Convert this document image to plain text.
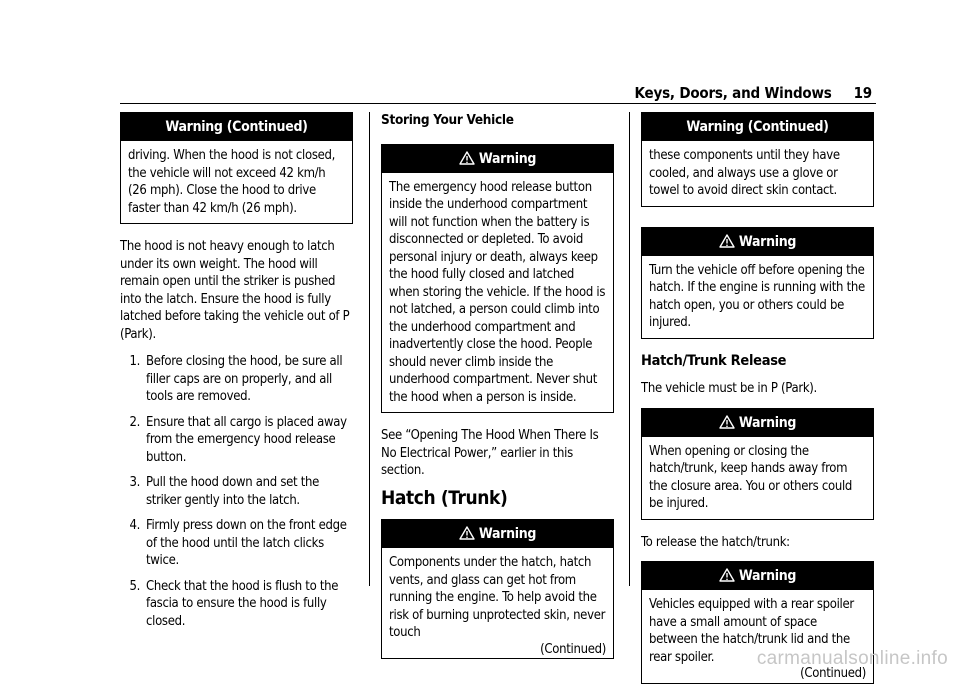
Keys, Doors, and Windows 19
Warning (Continued)
driving. When the hood is not closed, the vehicle will not exceed 42 km/h (26 mph). Close the hood to drive faster than 42 km/h (26 mph).

The hood is not heavy enough to latch under its own weight. The hood will remain open until the striker is pushed into the latch. Ensure the hood is fully latched before taking the vehicle out of P (Park).

1. Before closing the hood, be sure all filler caps are on properly, and all tools are removed.
2. Ensure that all cargo is placed away from the emergency hood release button.
3. Pull the hood down and set the striker gently into the latch.
4. Firmly press down on the front edge of the hood until the latch clicks twice.
5. Check that the hood is flush to the fascia to ensure the hood is fully closed.
Storing Your Vehicle
Warning
The emergency hood release button inside the underhood compartment will not function when the battery is disconnected or depleted. To avoid personal injury or death, always keep the hood fully closed and latched when storing the vehicle. If the hood is not latched, a person could climb into the underhood compartment and inadvertently close the hood. People should never climb inside the underhood compartment. Never shut the hood when a person is inside.

See “Opening The Hood When There Is No Electrical Power,” earlier in this section.

Hatch (Trunk)
Warning
Components under the hatch, hatch vents, and glass can get hot from running the engine. To help avoid the risk of burning unprotected skin, never touch
(Continued)
Warning (Continued)
these components until they have cooled, and always use a glove or towel to avoid direct skin contact.
Warning
Turn the vehicle off before opening the hatch. If the engine is running with the hatch open, you or others could be injured.
Hatch/Trunk Release

The vehicle must be in P (Park).

Warning
When opening or closing the hatch/trunk, keep hands away from the closure area. You or others could be injured.

To release the hatch/trunk:

Warning
Vehicles equipped with a rear spoiler have a small amount of space between the hatch/trunk lid and the rear spoiler.
(Continued)
carmanualsonline.info
